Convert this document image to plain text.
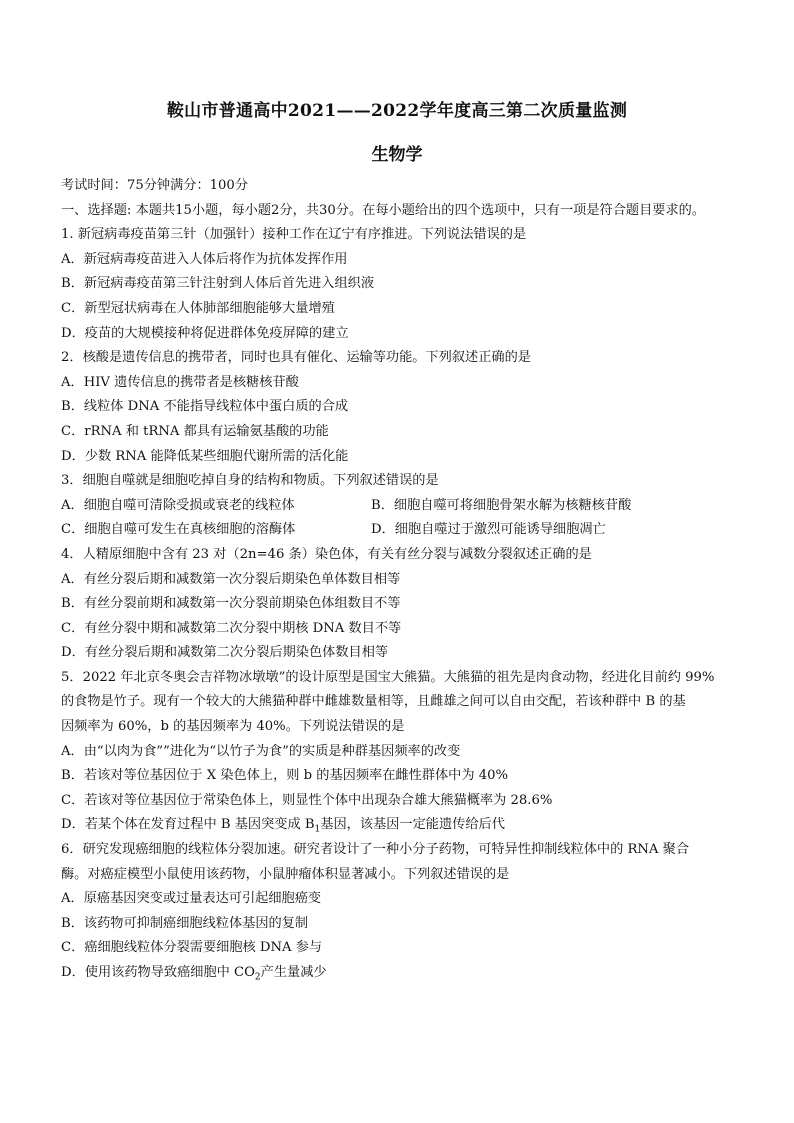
鞍山市普通高中2021——2022学年度高三第二次质量监测
生物学
考试时间：75分钟满分：100分
一、选择题: 本题共15小题，每小题2分，共30分。在每小题给出的四个选项中，只有一项是符合题目要求的。
1. 新冠病毒疫苗第三针（加强针）接种工作在辽宁有序推进。下列说法错误的是
A．新冠病毒疫苗进入人体后将作为抗体发挥作用
B．新冠病毒疫苗第三针注射到人体后首先进入组织液
C．新型冠状病毒在人体肺部细胞能够大量增殖
D．疫苗的大规模接种将促进群体免疫屏障的建立
2．核酸是遗传信息的携带者，同时也具有催化、运输等功能。下列叙述正确的是
A．HIV 遗传信息的携带者是核糖核苷酸
B．线粒体 DNA 不能指导线粒体中蛋白质的合成
C．rRNA 和 tRNA 都具有运输氨基酸的功能
D．少数 RNA 能降低某些细胞代谢所需的活化能
3．细胞自噬就是细胞吃掉自身的结构和物质。下列叙述错误的是
A．细胞自噬可清除受损或衰老的线粒体	B．细胞自噬可将细胞骨架水解为核糖核苷酸
C．细胞自噬可发生在真核细胞的溶酶体	D．细胞自噬过于激烈可能诱导细胞凋亡
4．人精原细胞中含有 23 对（2n=46 条）染色体，有关有丝分裂与减数分裂叙述正确的是
A．有丝分裂后期和减数第一次分裂后期染色单体数目相等
B．有丝分裂前期和减数第一次分裂前期染色体组数目不等
C．有丝分裂中期和减数第二次分裂中期核 DNA 数目不等
D．有丝分裂后期和减数第二次分裂后期染色体数目相等
5．2022 年北京冬奥会吉祥物冰墩墩”的设计原型是国宝大熊猫。大熊猫的祖先是肉食动物，经进化目前约 99%
的食物是竹子。现有一个较大的大熊猫种群中雌雄数量相等，且雌雄之间可以自由交配，若该种群中 B 的基
因频率为 60%，b 的基因频率为 40%。下列说法错误的是
A．由“以肉为食””进化为“以竹子为食”的实质是种群基因频率的改变
B．若该对等位基因位于 X 染色体上，则 b 的基因频率在雌性群体中为 40%
C．若该对等位基因位于常染色体上，则显性个体中出现杂合雄大熊猫概率为 28.6%
D．若某个体在发育过程中 B 基因突变成 $B_1$基因，该基因一定能遗传给后代
6．研究发现癌细胞的线粒体分裂加速。研究者设计了一种小分子药物，可特异性抑制线粒体中的 RNA 聚合
酶。对癌症模型小鼠使用该药物，小鼠肿瘤体积显著减小。下列叙述错误的是
A．原癌基因突变或过量表达可引起细胞癌变
B．该药物可抑制癌细胞线粒体基因的复制
C．癌细胞线粒体分裂需要细胞核 DNA 参与
D．使用该药物导致癌细胞中 $CO_2$产生量减少
